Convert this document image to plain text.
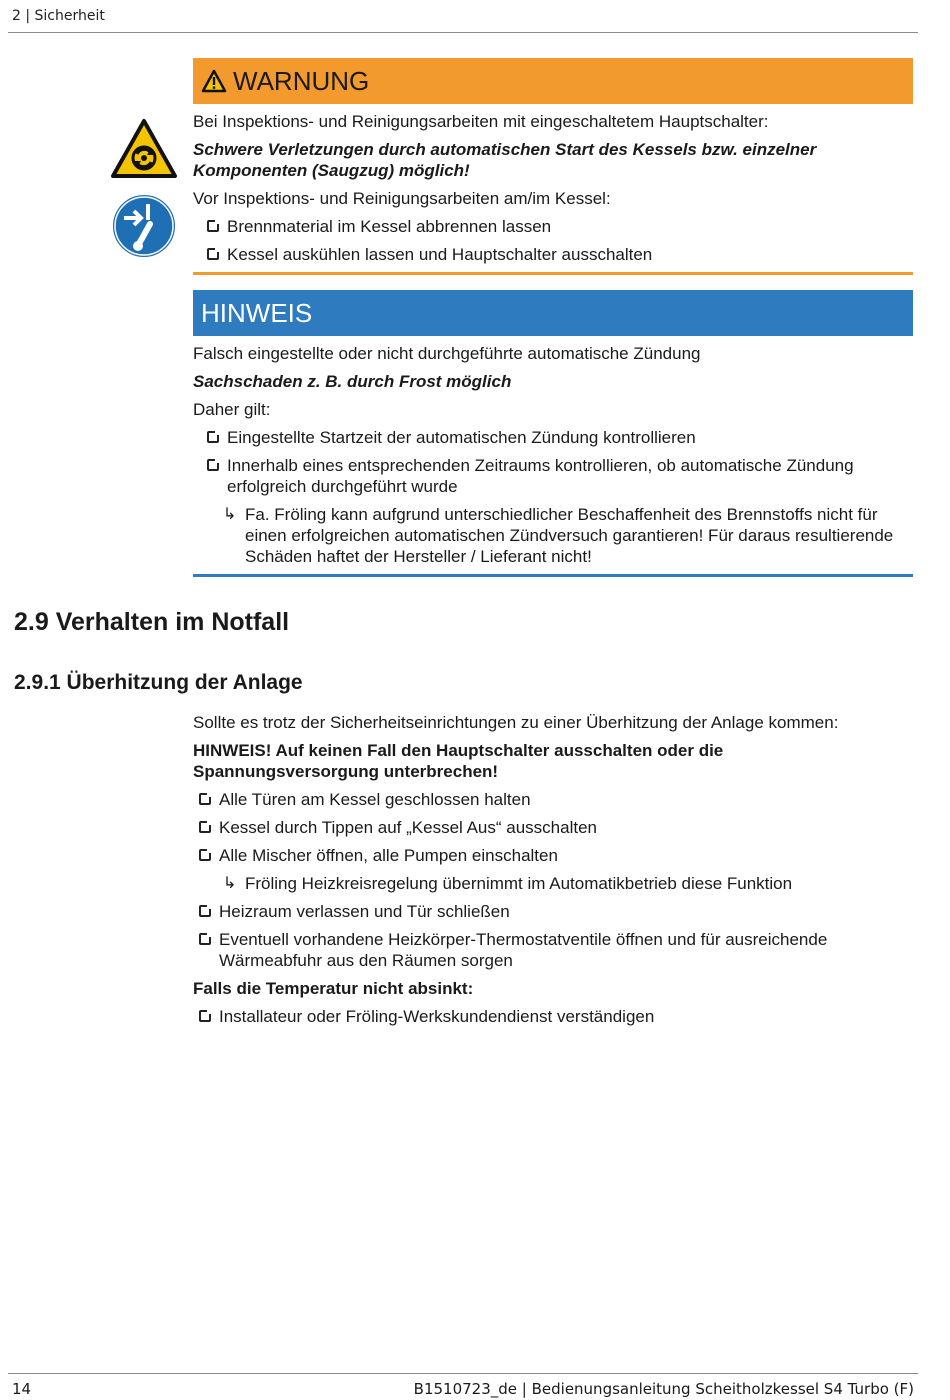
2 | Sicherheit
WARNUNG
Bei Inspektions- und Reinigungsarbeiten mit eingeschaltetem Hauptschalter:
Schwere Verletzungen durch automatischen Start des Kessels bzw. einzelner Komponenten (Saugzug) möglich!
Vor Inspektions- und Reinigungsarbeiten am/im Kessel:
Brennmaterial im Kessel abbrennen lassen
Kessel auskühlen lassen und Hauptschalter ausschalten
HINWEIS
Falsch eingestellte oder nicht durchgeführte automatische Zündung
Sachschaden z. B. durch Frost möglich
Daher gilt:
Eingestellte Startzeit der automatischen Zündung kontrollieren
Innerhalb eines entsprechenden Zeitraums kontrollieren, ob automatische Zündung erfolgreich durchgeführt wurde
↳ Fa. Fröling kann aufgrund unterschiedlicher Beschaffenheit des Brennstoffs nicht für einen erfolgreichen automatischen Zündversuch garantieren! Für daraus resultierende Schäden haftet der Hersteller / Lieferant nicht!
2.9 Verhalten im Notfall
2.9.1 Überhitzung der Anlage
Sollte es trotz der Sicherheitseinrichtungen zu einer Überhitzung der Anlage kommen:
HINWEIS! Auf keinen Fall den Hauptschalter ausschalten oder die Spannungsversorgung unterbrechen!
Alle Türen am Kessel geschlossen halten
Kessel durch Tippen auf „Kessel Aus“ ausschalten
Alle Mischer öffnen, alle Pumpen einschalten
↳ Fröling Heizkreisregelung übernimmt im Automatikbetrieb diese Funktion
Heizraum verlassen und Tür schließen
Eventuell vorhandene Heizkörper-Thermostatventile öffnen und für ausreichende Wärmeabfuhr aus den Räumen sorgen
Falls die Temperatur nicht absinkt:
Installateur oder Fröling-Werkskundendienst verständigen
14	B1510723_de | Bedienungsanleitung Scheitholzkessel S4 Turbo (F)
